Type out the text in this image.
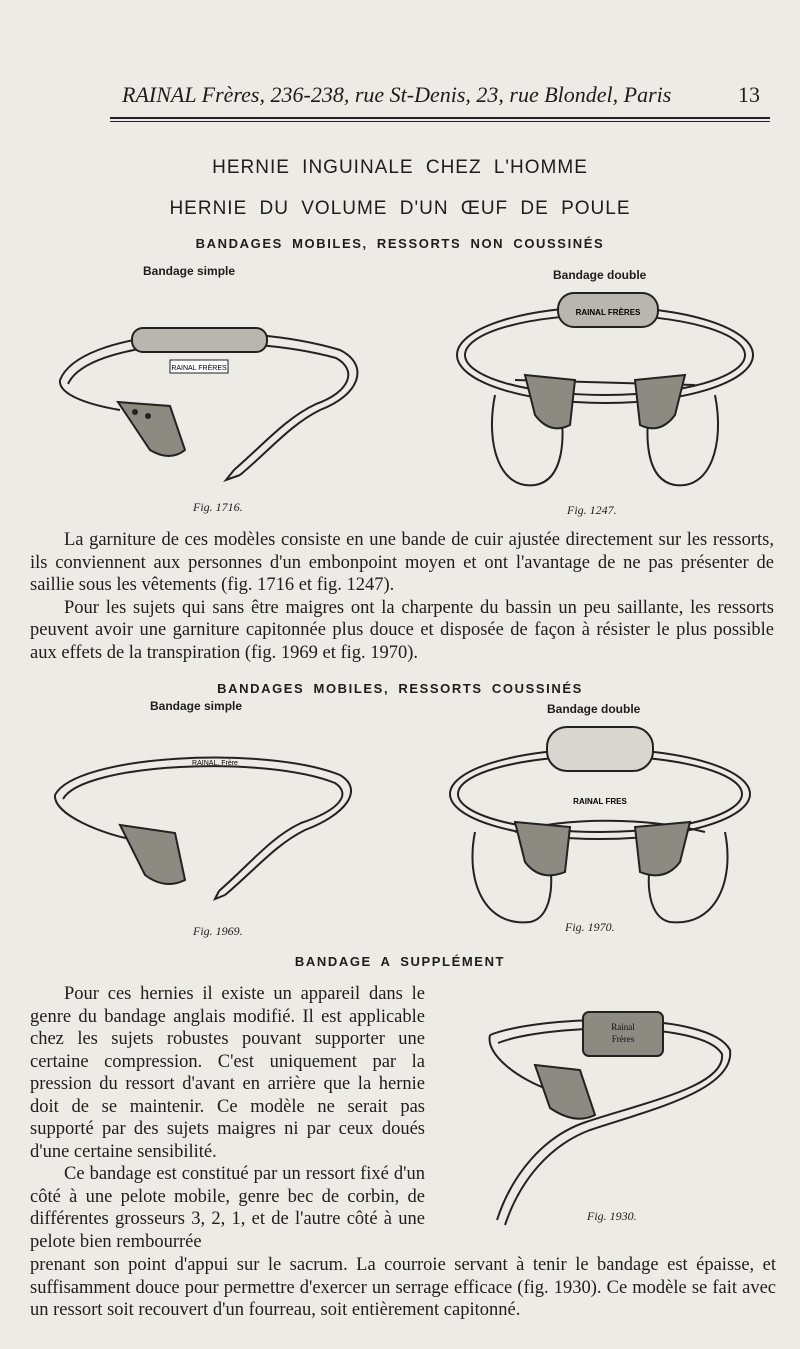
RAINAL Frères, 236-238, rue St-Denis, 23, rue Blondel, Paris	13
HERNIE INGUINALE CHEZ L'HOMME
HERNIE DU VOLUME D'UN ŒUF DE POULE
BANDAGES MOBILES, RESSORTS NON COUSSINÉS
Bandage simple	Bandage double
RAINAL FRÈRES
RAINAL FRÈRES
Fig. 1716.	Fig. 1247.

La garniture de ces modèles consiste en une bande de cuir ajustée directement sur les ressorts, ils conviennent aux personnes d'un embonpoint moyen et ont l'avantage de ne pas présenter de saillie sous les vêtements (fig. 1716 et fig. 1247).

Pour les sujets qui sans être maigres ont la charpente du bassin un peu saillante, les ressorts peuvent avoir une garniture capitonnée plus douce et disposée de façon à résister le plus possible aux effets de la transpiration (fig. 1969 et fig. 1970).

BANDAGES MOBILES, RESSORTS COUSSINÉS
Bandage simple	Bandage double
RAINAL, Frère
RAINAL FRES
Fig. 1969.	Fig. 1970.
BANDAGE A SUPPLÉMENT

Pour ces hernies il existe un appareil dans le genre du bandage anglais modifié. Il est applicable chez les sujets robustes pouvant supporter une certaine compression. C'est uniquement par la pression du ressort d'avant en arrière que la hernie doit de se maintenir. Ce modèle ne serait pas supporté par des sujets maigres ni par ceux doués d'une certaine sensibilité.

Ce bandage est constitué par un ressort fixé d'un côté à une pelote mobile, genre bec de corbin, de différentes grosseurs 3, 2, 1, et de l'autre côté à une pelote bien rembourrée

Rainal
Frères
Fig. 1930.

prenant son point d'appui sur le sacrum. La courroie servant à tenir le bandage est épaisse, et suffisamment douce pour permettre d'exercer un serrage efficace (fig. 1930). Ce modèle se fait avec un ressort soit recouvert d'un fourreau, soit entièrement capitonné.
